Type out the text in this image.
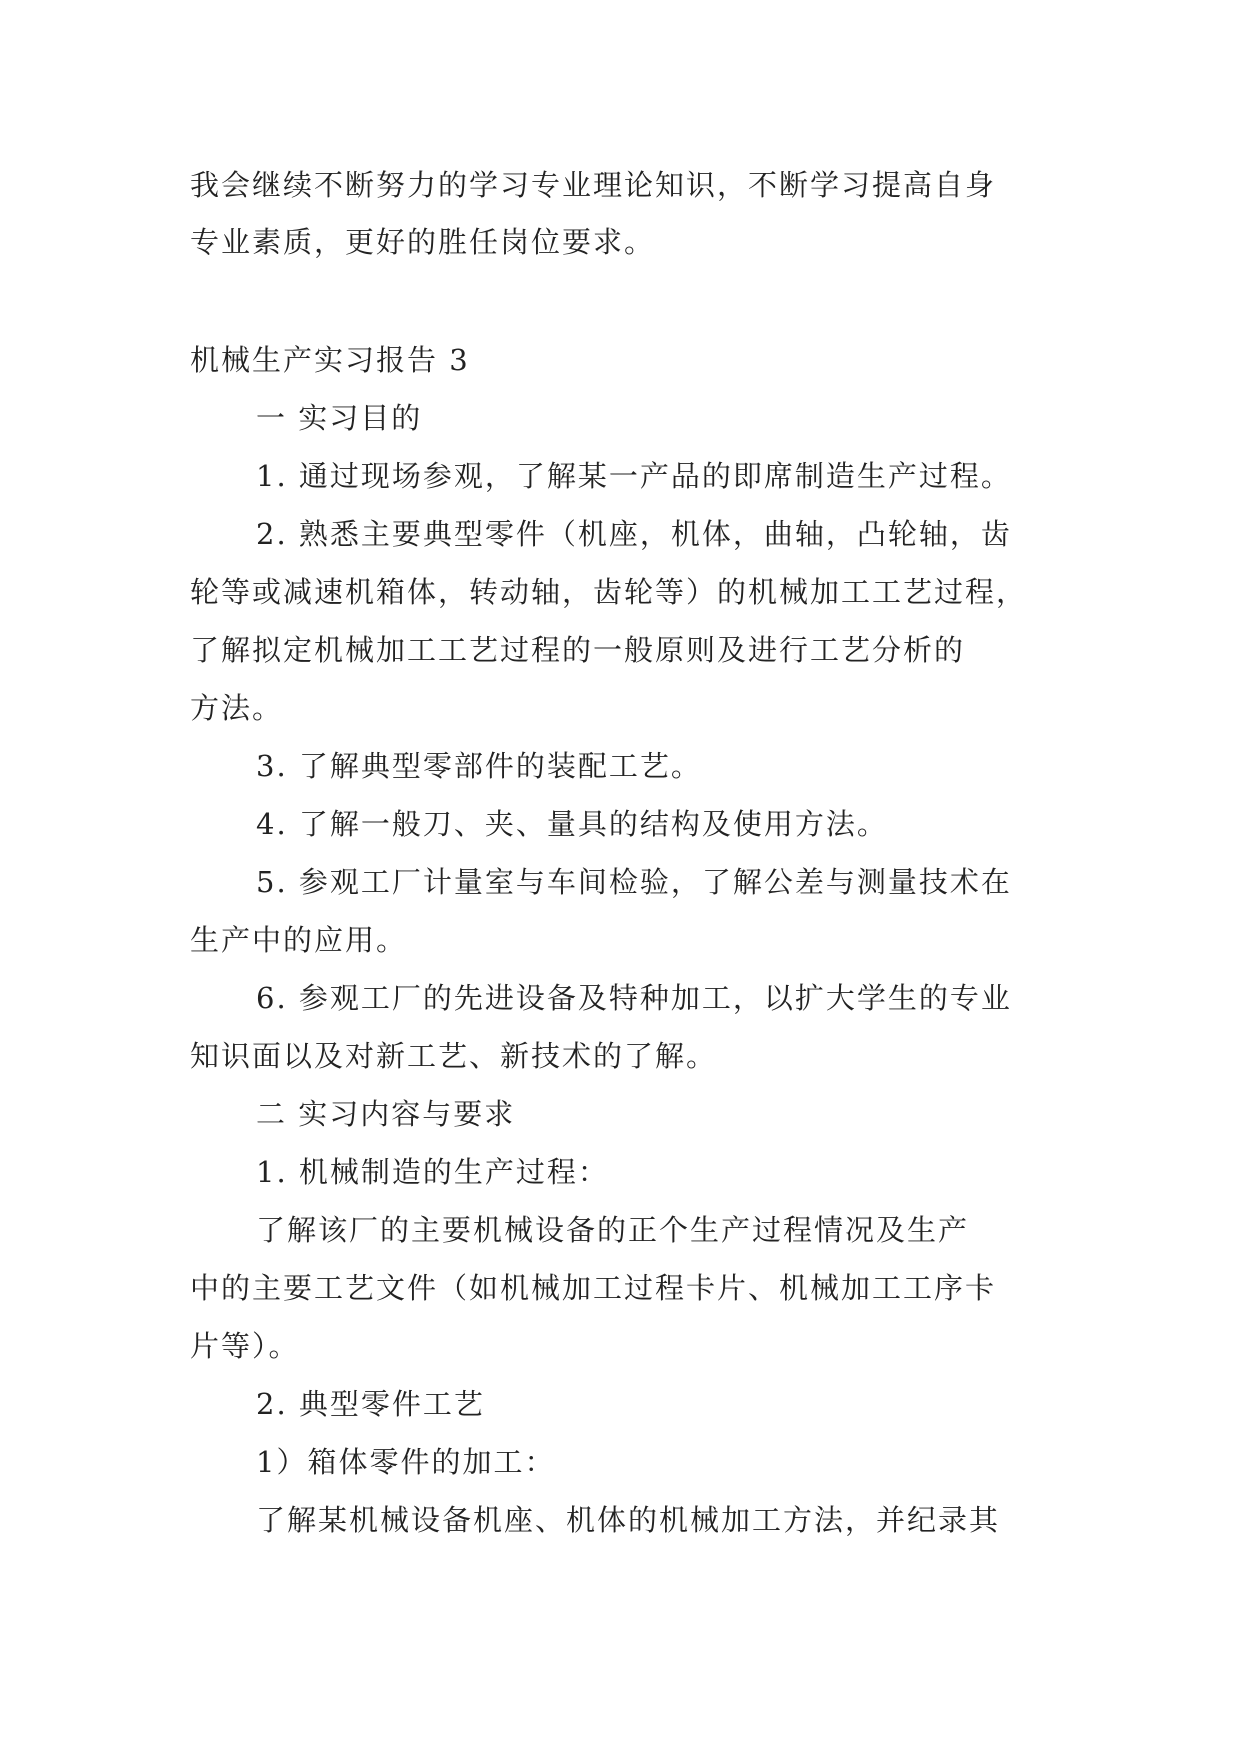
我会继续不断努力的学习专业理论知识，不断学习提高自身
专业素质，更好的胜任岗位要求。
机械生产实习报告 3
一 实习目的
1. 通过现场参观，了解某一产品的即席制造生产过程。
2. 熟悉主要典型零件（机座，机体，曲轴，凸轮轴，齿
轮等或减速机箱体，转动轴，齿轮等）的机械加工工艺过程，
了解拟定机械加工工艺过程的一般原则及进行工艺分析的
方法。
3. 了解典型零部件的装配工艺。
4. 了解一般刀、夹、量具的结构及使用方法。
5. 参观工厂计量室与车间检验，了解公差与测量技术在
生产中的应用。
6. 参观工厂的先进设备及特种加工，以扩大学生的专业
知识面以及对新工艺、新技术的了解。
二 实习内容与要求
1. 机械制造的生产过程：
了解该厂的主要机械设备的正个生产过程情况及生产
中的主要工艺文件（如机械加工过程卡片、机械加工工序卡
片等）。
2. 典型零件工艺
1）箱体零件的加工：
了解某机械设备机座、机体的机械加工方法，并纪录其
